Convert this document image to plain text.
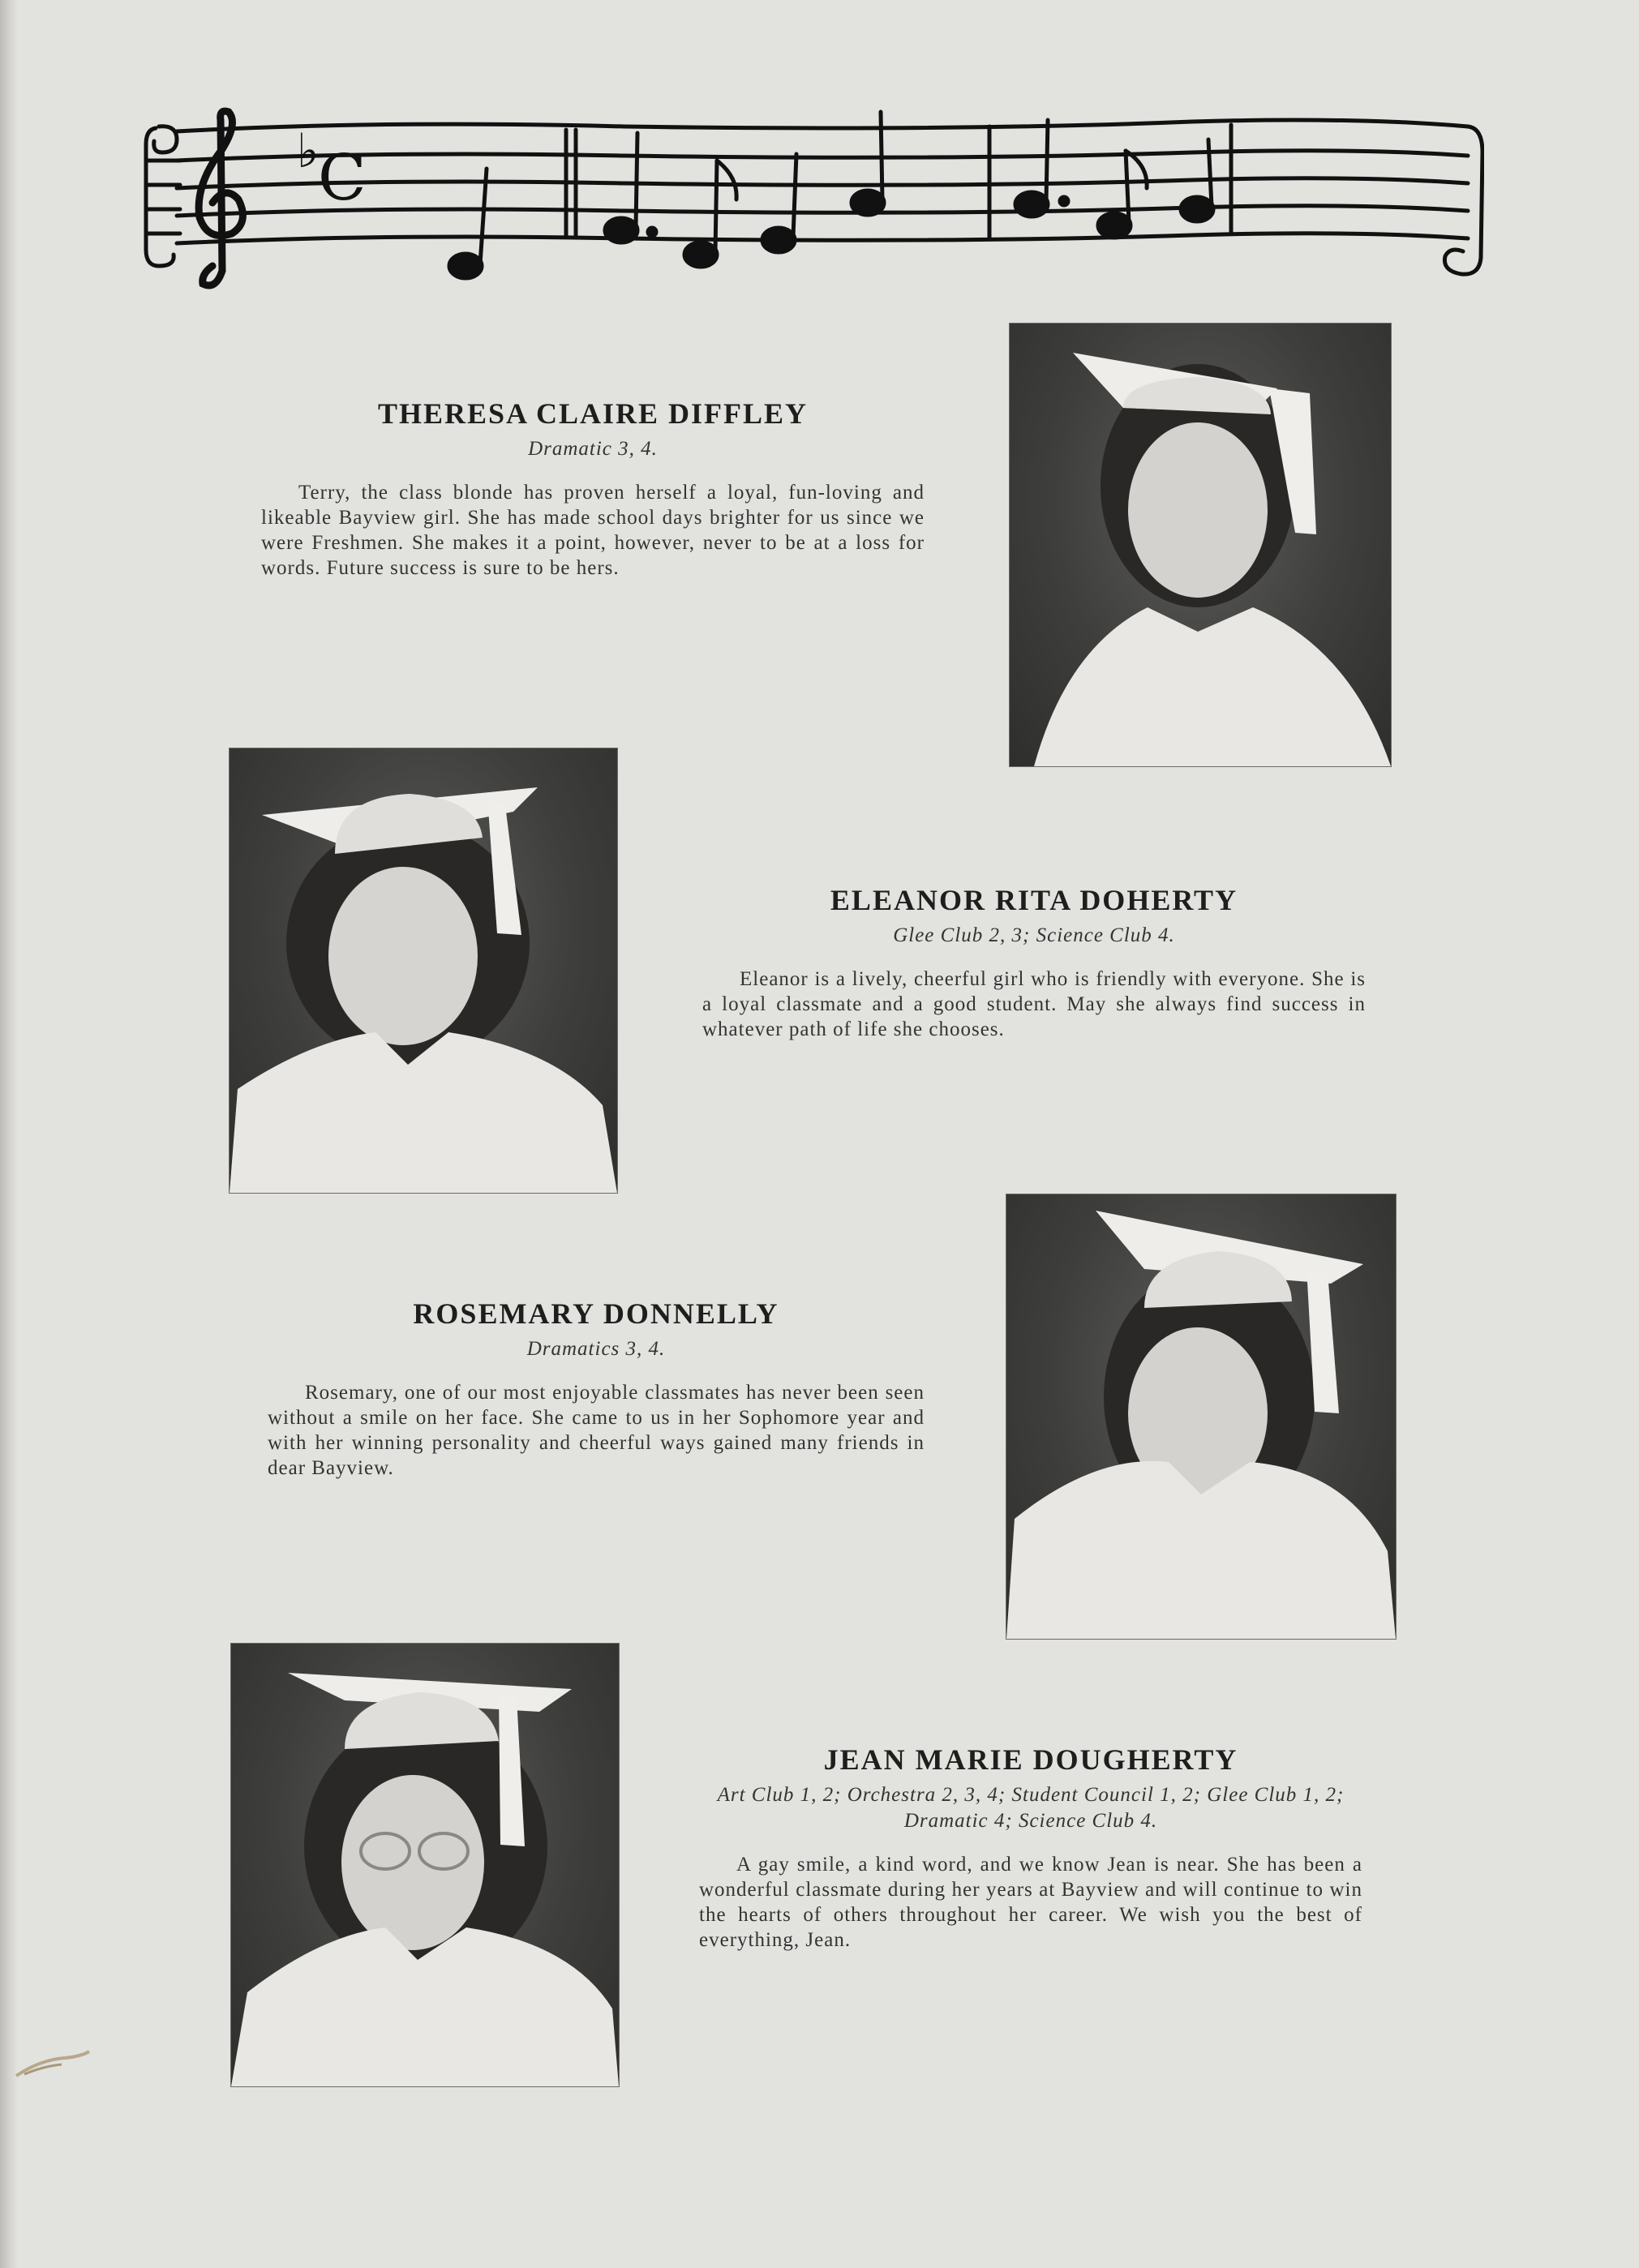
♭
C
THERESA CLAIRE DIFFLEY

Dramatic 3, 4.

Terry, the class blonde has proven herself a loyal, fun-loving and likeable Bayview girl. She has made school days brighter for us since we were Freshmen. She makes it a point, however, never to be at a loss for words. Future success is sure to be hers.

ELEANOR RITA DOHERTY

Glee Club 2, 3; Science Club 4.

Eleanor is a lively, cheerful girl who is friendly with everyone. She is a loyal classmate and a good student. May she always find success in whatever path of life she chooses.

ROSEMARY DONNELLY

Dramatics 3, 4.

Rosemary, one of our most enjoyable classmates has never been seen without a smile on her face. She came to us in her Sophomore year and with her winning personality and cheerful ways gained many friends in dear Bayview.

JEAN MARIE DOUGHERTY

Art Club 1, 2; Orchestra 2, 3, 4; Student Council 1, 2; Glee Club 1, 2; Dramatic 4; Science Club 4.

A gay smile, a kind word, and we know Jean is near. She has been a wonderful classmate during her years at Bayview and will continue to win the hearts of others throughout her career. We wish you the best of everything, Jean.
